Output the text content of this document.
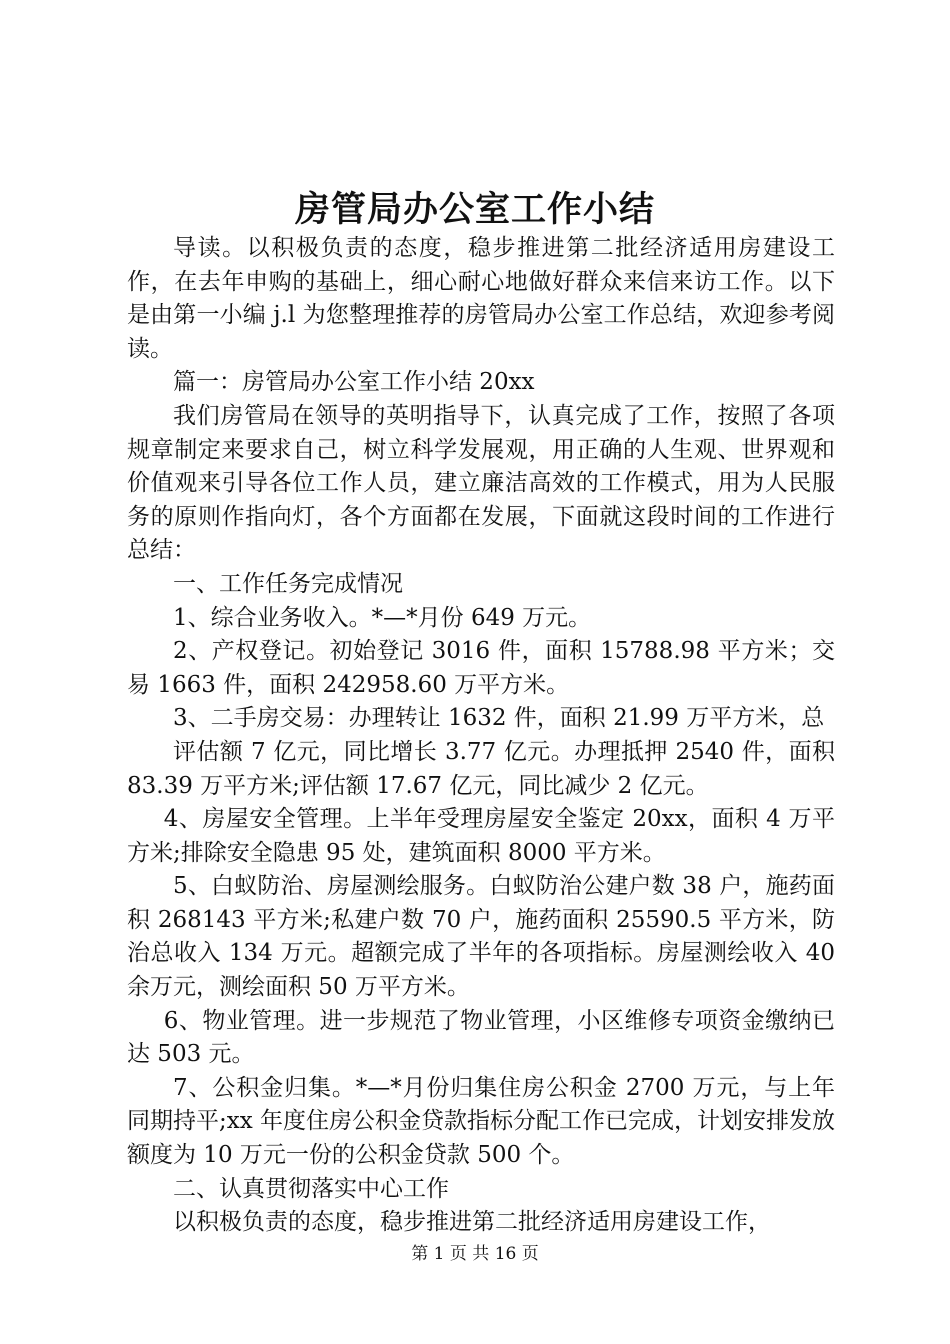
房管局办公室工作小结

导读。以积极负责的态度，稳步推进第二批经济适用房建设工作，在去年申购的基础上，细心耐心地做好群众来信来访工作。以下是由第一小编 j.l 为您整理推荐的房管局办公室工作总结，欢迎参考阅读。

篇一：房管局办公室工作小结 20xx

我们房管局在领导的英明指导下，认真完成了工作，按照了各项规章制定来要求自己，树立科学发展观，用正确的人生观、世界观和价值观来引导各位工作人员，建立廉洁高效的工作模式，用为人民服务的原则作指向灯，各个方面都在发展，下面就这段时间的工作进行总结：

一、工作任务完成情况

1、综合业务收入。*—*月份 649 万元。

2、产权登记。初始登记 3016 件，面积 15788.98 平方米；交易 1663 件，面积 242958.60 万平方米。

3、二手房交易：办理转让 1632 件，面积 21.99 万平方米，总

评估额 7 亿元，同比增长 3.77 亿元。办理抵押 2540 件，面积 83.39 万平方米;评估额 17.67 亿元，同比减少 2 亿元。

4、房屋安全管理。上半年受理房屋安全鉴定 20xx，面积 4 万平方米;排除安全隐患 95 处，建筑面积 8000 平方米。

5、白蚁防治、房屋测绘服务。白蚁防治公建户数 38 户，施药面积 268143 平方米;私建户数 70 户，施药面积 25590.5 平方米，防治总收入 134 万元。超额完成了半年的各项指标。房屋测绘收入 40 余万元，测绘面积 50 万平方米。

6、物业管理。进一步规范了物业管理，小区维修专项资金缴纳已达 503 元。

7、公积金归集。*—*月份归集住房公积金 2700 万元，与上年同期持平;xx 年度住房公积金贷款指标分配工作已完成，计划安排发放额度为 10 万元一份的公积金贷款 500 个。

二、认真贯彻落实中心工作

以积极负责的态度，稳步推进第二批经济适用房建设工作，

第 1 页 共 16 页
